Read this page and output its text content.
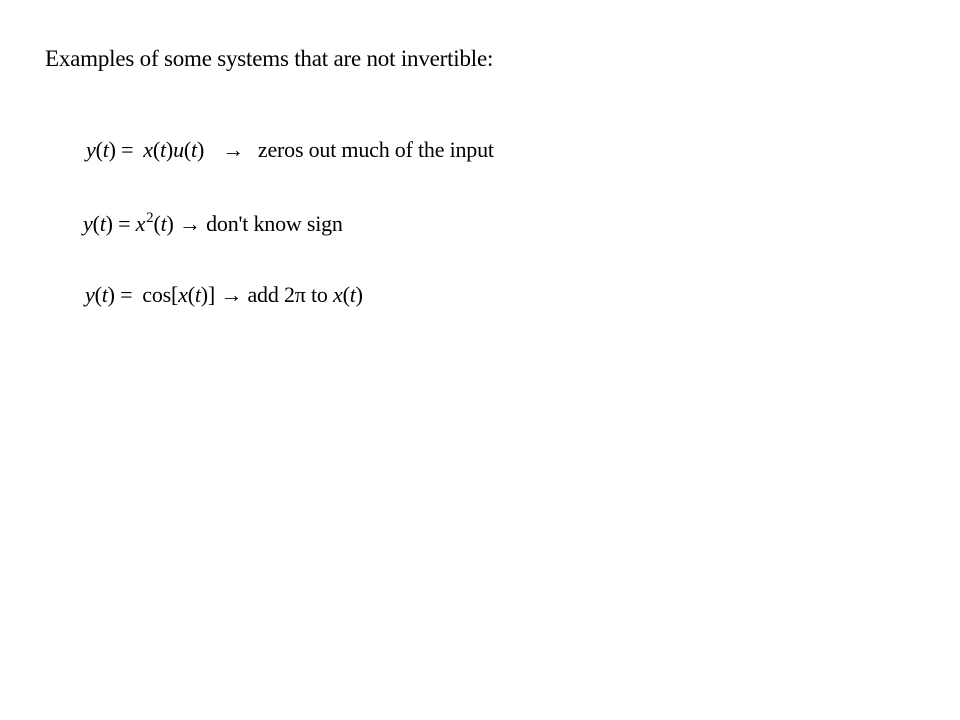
Examples of some systems that are not invertible:
y(t) = x(t)u(t) → zeros out much of the input
$y(t) = x^2(t) \to don't$ know sign
y(t) = cos[x(t)] → add 2π to x(t)
